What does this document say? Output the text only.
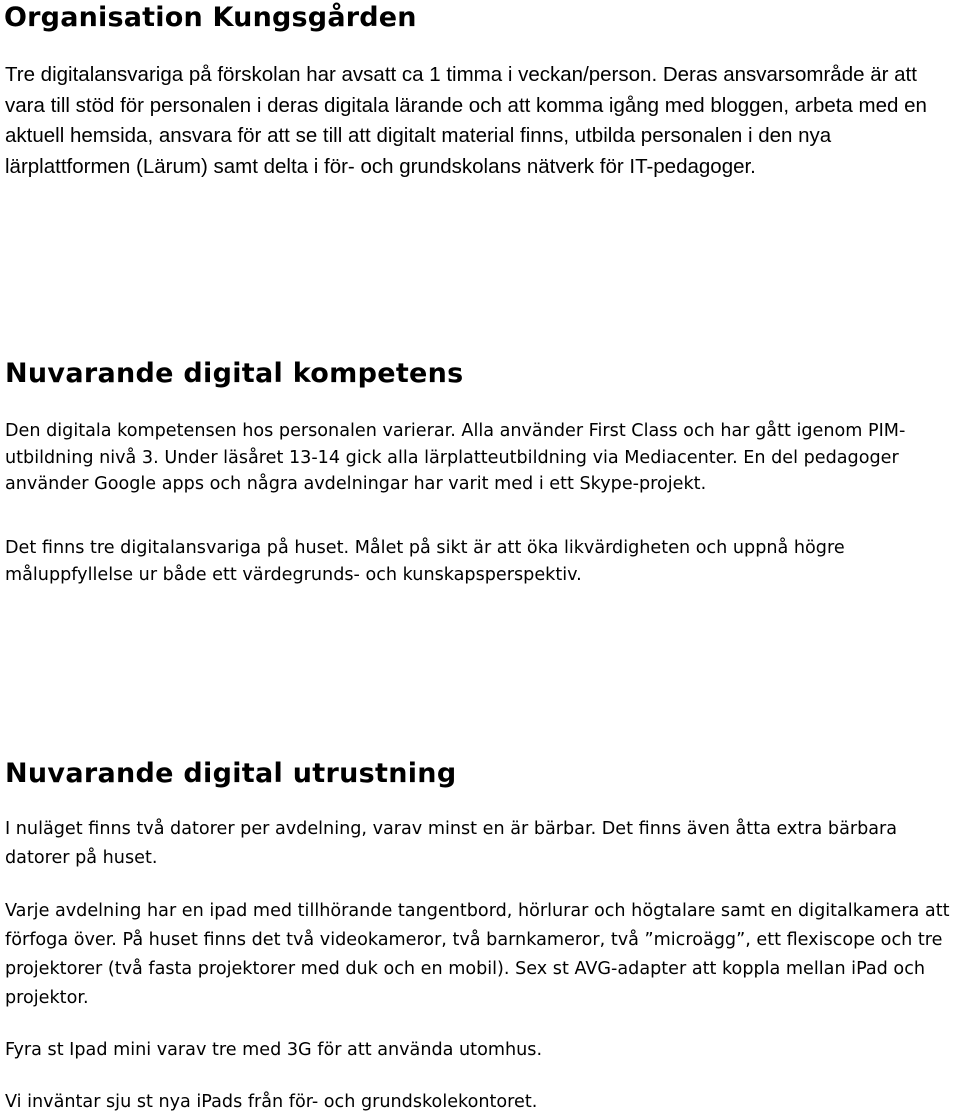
Organisation Kungsgården

Tre digitalansvariga på förskolan har avsatt ca 1 timma i veckan/person. Deras ansvarsområde är att vara till stöd för personalen i deras digitala lärande och att komma igång med bloggen, arbeta med en aktuell hemsida, ansvara för att se till att digitalt material finns, utbilda personalen i den nya lärplattformen (Lärum) samt delta i för- och grundskolans nätverk för IT-pedagoger.

Nuvarande digital kompetens

Den digitala kompetensen hos personalen varierar. Alla använder First Class och har gått igenom PIM-utbildning nivå 3. Under läsåret 13-14 gick alla lärplatteutbildning via Mediacenter. En del pedagoger använder Google apps och några avdelningar har varit med i ett Skype-projekt.

Det finns tre digitalansvariga på huset. Målet på sikt är att öka likvärdigheten och uppnå högre måluppfyllelse ur både ett värdegrunds- och kunskapsperspektiv.

Nuvarande digital utrustning

I nuläget finns två datorer per avdelning, varav minst en är bärbar. Det finns även åtta extra bärbara datorer på huset.

Varje avdelning har en ipad med tillhörande tangentbord, hörlurar och högtalare samt en digitalkamera att förfoga över. På huset finns det två videokameror, två barnkameror, två ”microägg”, ett flexiscope och tre projektorer (två fasta projektorer med duk och en mobil). Sex st AVG-adapter att koppla mellan iPad och projektor.

Fyra st Ipad mini varav tre med 3G för att använda utomhus.

Vi inväntar sju st nya iPads från för- och grundskolekontoret.
